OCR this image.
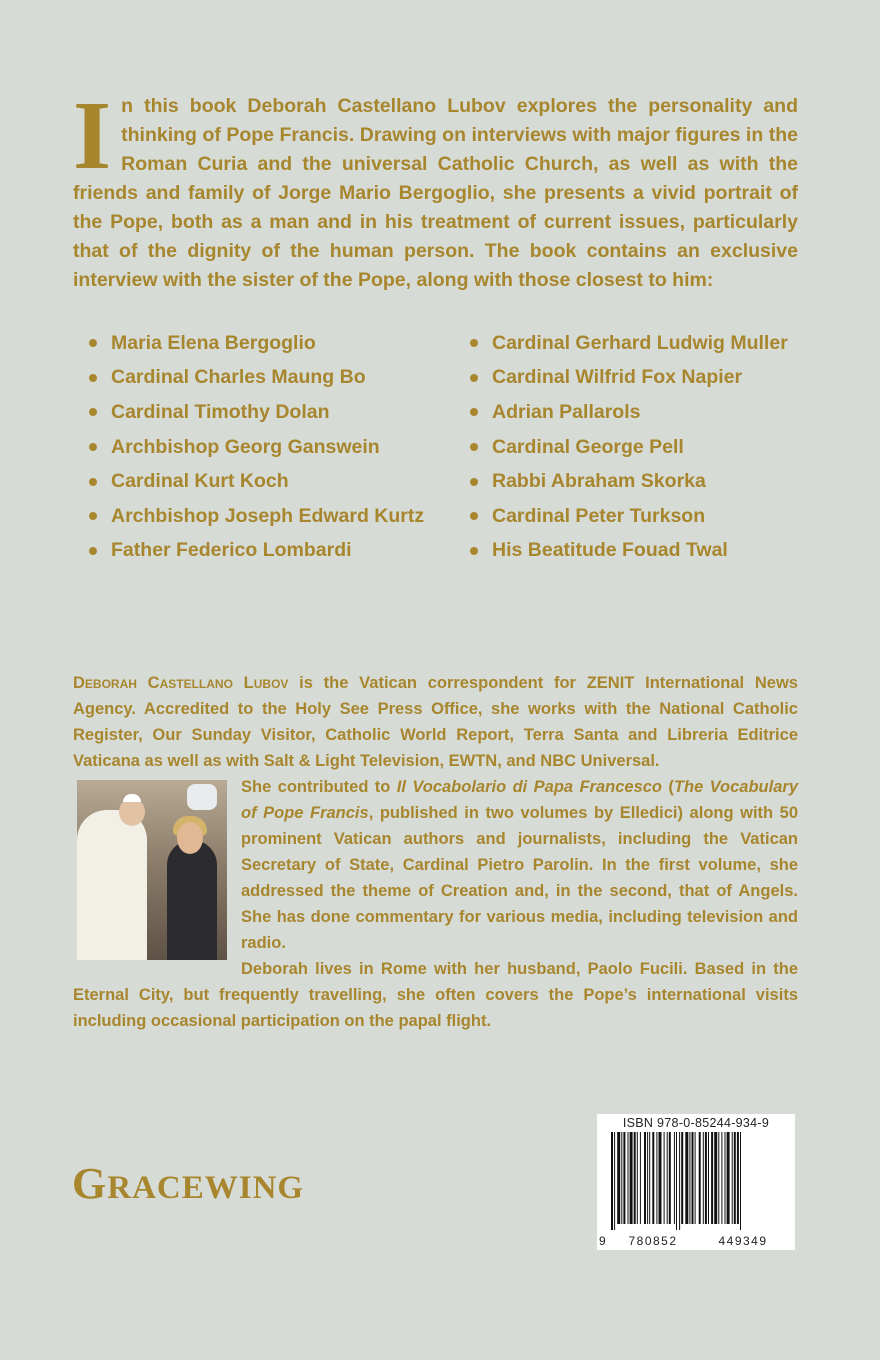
I n this book Deborah Castellano Lubov explores the personality and thinking of Pope Francis. Drawing on interviews with major figures in the Roman Curia and the universal Catholic Church, as well as with the friends and family of Jorge Mario Bergoglio, she presents a vivid portrait of the Pope, both as a man and in his treatment of current issues, particularly that of the dignity of the human person. The book contains an exclusive interview with the sister of the Pope, along with those closest to him:
Maria Elena Bergoglio
Cardinal Charles Maung Bo
Cardinal Timothy Dolan
Archbishop Georg Ganswein
Cardinal Kurt Koch
Archbishop Joseph Edward Kurtz
Father Federico Lombardi
Cardinal Gerhard Ludwig Muller
Cardinal Wilfrid Fox Napier
Adrian Pallarols
Cardinal George Pell
Rabbi Abraham Skorka
Cardinal Peter Turkson
His Beatitude Fouad Twal
Deborah Castellano Lubov is the Vatican correspondent for ZENIT International News Agency. Accredited to the Holy See Press Office, she works with the National Catholic Register, Our Sunday Visitor, Catholic World Report, Terra Santa and Libreria Editrice Vaticana as well as with Salt & Light Television, EWTN, and NBC Universal.
She contributed to Il Vocabolario di Papa Francesco (The Vocabulary of Pope Francis, published in two volumes by Elledici) along with 50 prominent Vatican authors and journalists, including the Vatican Secretary of State, Cardinal Pietro Parolin. In the first volume, she addressed the theme of Creation and, in the second, that of Angels. She has done commentary for various media, including television and radio.
Deborah lives in Rome with her husband, Paolo Fucili. Based in the Eternal City, but frequently travelling, she often covers the Pope’s international visits including occasional participation on the papal flight.
GRACEWING
ISBN 978-0-85244-934-9
9	780852	449349
